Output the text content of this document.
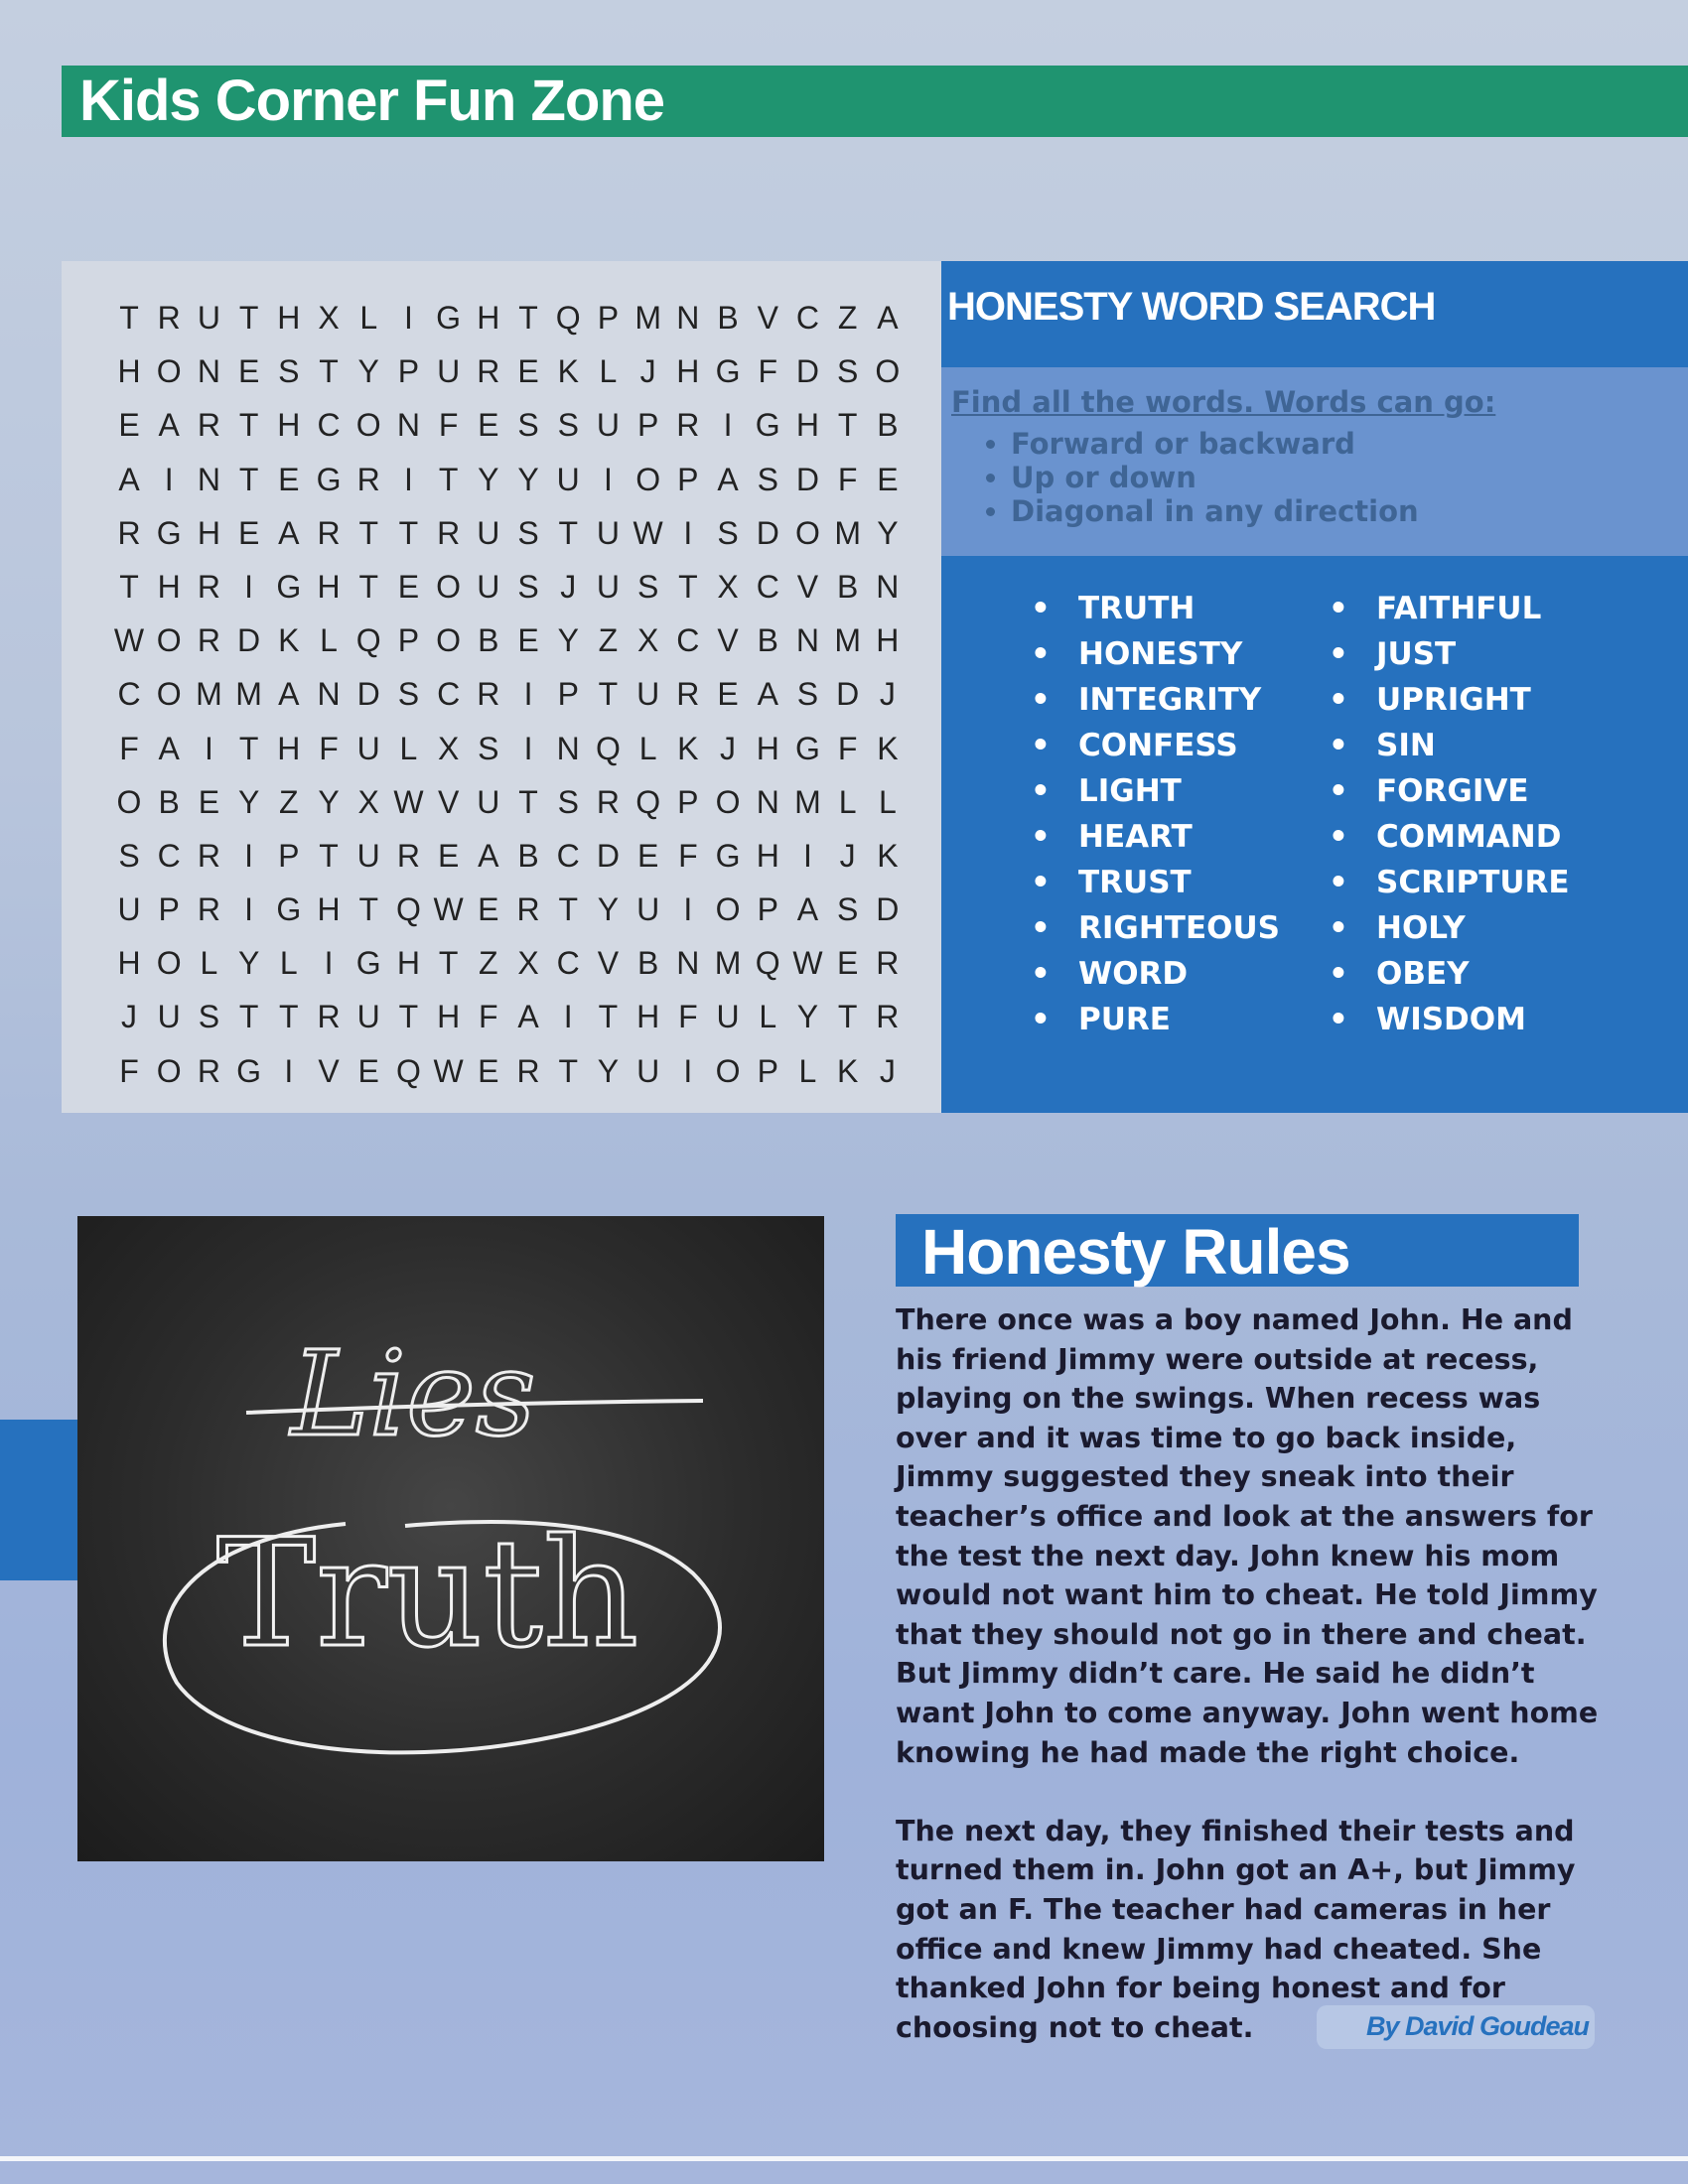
Kids Corner Fun Zone
T R U T H X L I G H T Q P M N B V C Z A
H O N E S T Y P U R E K L J H G F D S O
E A R T H C O N F E S S U P R I G H T B
A I N T E G R I T Y Y U I O P A S D F E
R G H E A R T T R U S T U W I S D O M Y
T H R I G H T E O U S J U S T X C V B N
W O R D K L Q P O B E Y Z X C V B N M H
C O M M A N D S C R I P T U R E A S D J
F A I T H F U L X S I N Q L K J H G F K
O B E Y Z Y X W V U T S R Q P O N M L L
S C R I P T U R E A B C D E F G H I J K
U P R I G H T Q W E R T Y U I O P A S D
H O L Y L I G H T Z X C V B N M Q W E R
J U S T T R U T H F A I T H F U L Y T R
F O R G I V E Q W E R T Y U I O P L K J
HONESTY WORD SEARCH
Find all the words. Words can go:
• Forward or backward
• Up or down
• Diagonal in any direction
• TRUTH
• HONESTY
• INTEGRITY
• CONFESS
• LIGHT
• HEART
• TRUST
• RIGHTEOUS
• WORD
• PURE
• FAITHFUL
• JUST
• UPRIGHT
• SIN
• FORGIVE
• COMMAND
• SCRIPTURE
• HOLY
• OBEY
• WISDOM
Lies
Truth
Honesty Rules

There once was a boy named John. He and his friend Jimmy were outside at recess, playing on the swings. When recess was over and it was time to go back inside, Jimmy suggested they sneak into their teacher’s office and look at the answers for the test the next day. John knew his mom would not want him to cheat. He told Jimmy that they should not go in there and cheat. But Jimmy didn’t care. He said he didn’t want John to come anyway. John went home knowing he had made the right choice.

The next day, they finished their tests and turned them in. John got an A+, but Jimmy got an F. The teacher had cameras in her office and knew Jimmy had cheated. She thanked John for being honest and for choosing not to cheat.	By David Goudeau
